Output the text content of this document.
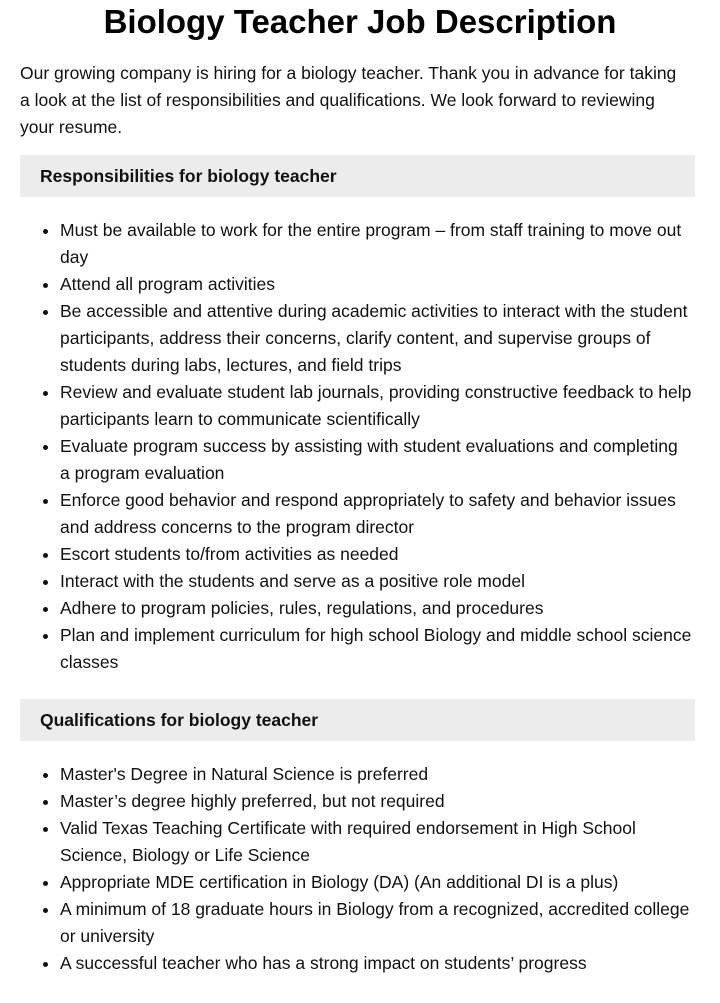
Biology Teacher Job Description

Our growing company is hiring for a biology teacher. Thank you in advance for taking a look at the list of responsibilities and qualifications. We look forward to reviewing your resume.

Responsibilities for biology teacher
• Must be available to work for the entire program – from staff training to move out day
• Attend all program activities
• Be accessible and attentive during academic activities to interact with the student participants, address their concerns, clarify content, and supervise groups of students during labs, lectures, and field trips
• Review and evaluate student lab journals, providing constructive feedback to help participants learn to communicate scientifically
• Evaluate program success by assisting with student evaluations and completing a program evaluation
• Enforce good behavior and respond appropriately to safety and behavior issues and address concerns to the program director
• Escort students to/from activities as needed
• Interact with the students and serve as a positive role model
• Adhere to program policies, rules, regulations, and procedures
• Plan and implement curriculum for high school Biology and middle school science classes
Qualifications for biology teacher
• Master's Degree in Natural Science is preferred
• Master’s degree highly preferred, but not required
• Valid Texas Teaching Certificate with required endorsement in High School Science, Biology or Life Science
• Appropriate MDE certification in Biology (DA) (An additional DI is a plus)
• A minimum of 18 graduate hours in Biology from a recognized, accredited college or university
• A successful teacher who has a strong impact on students’ progress
